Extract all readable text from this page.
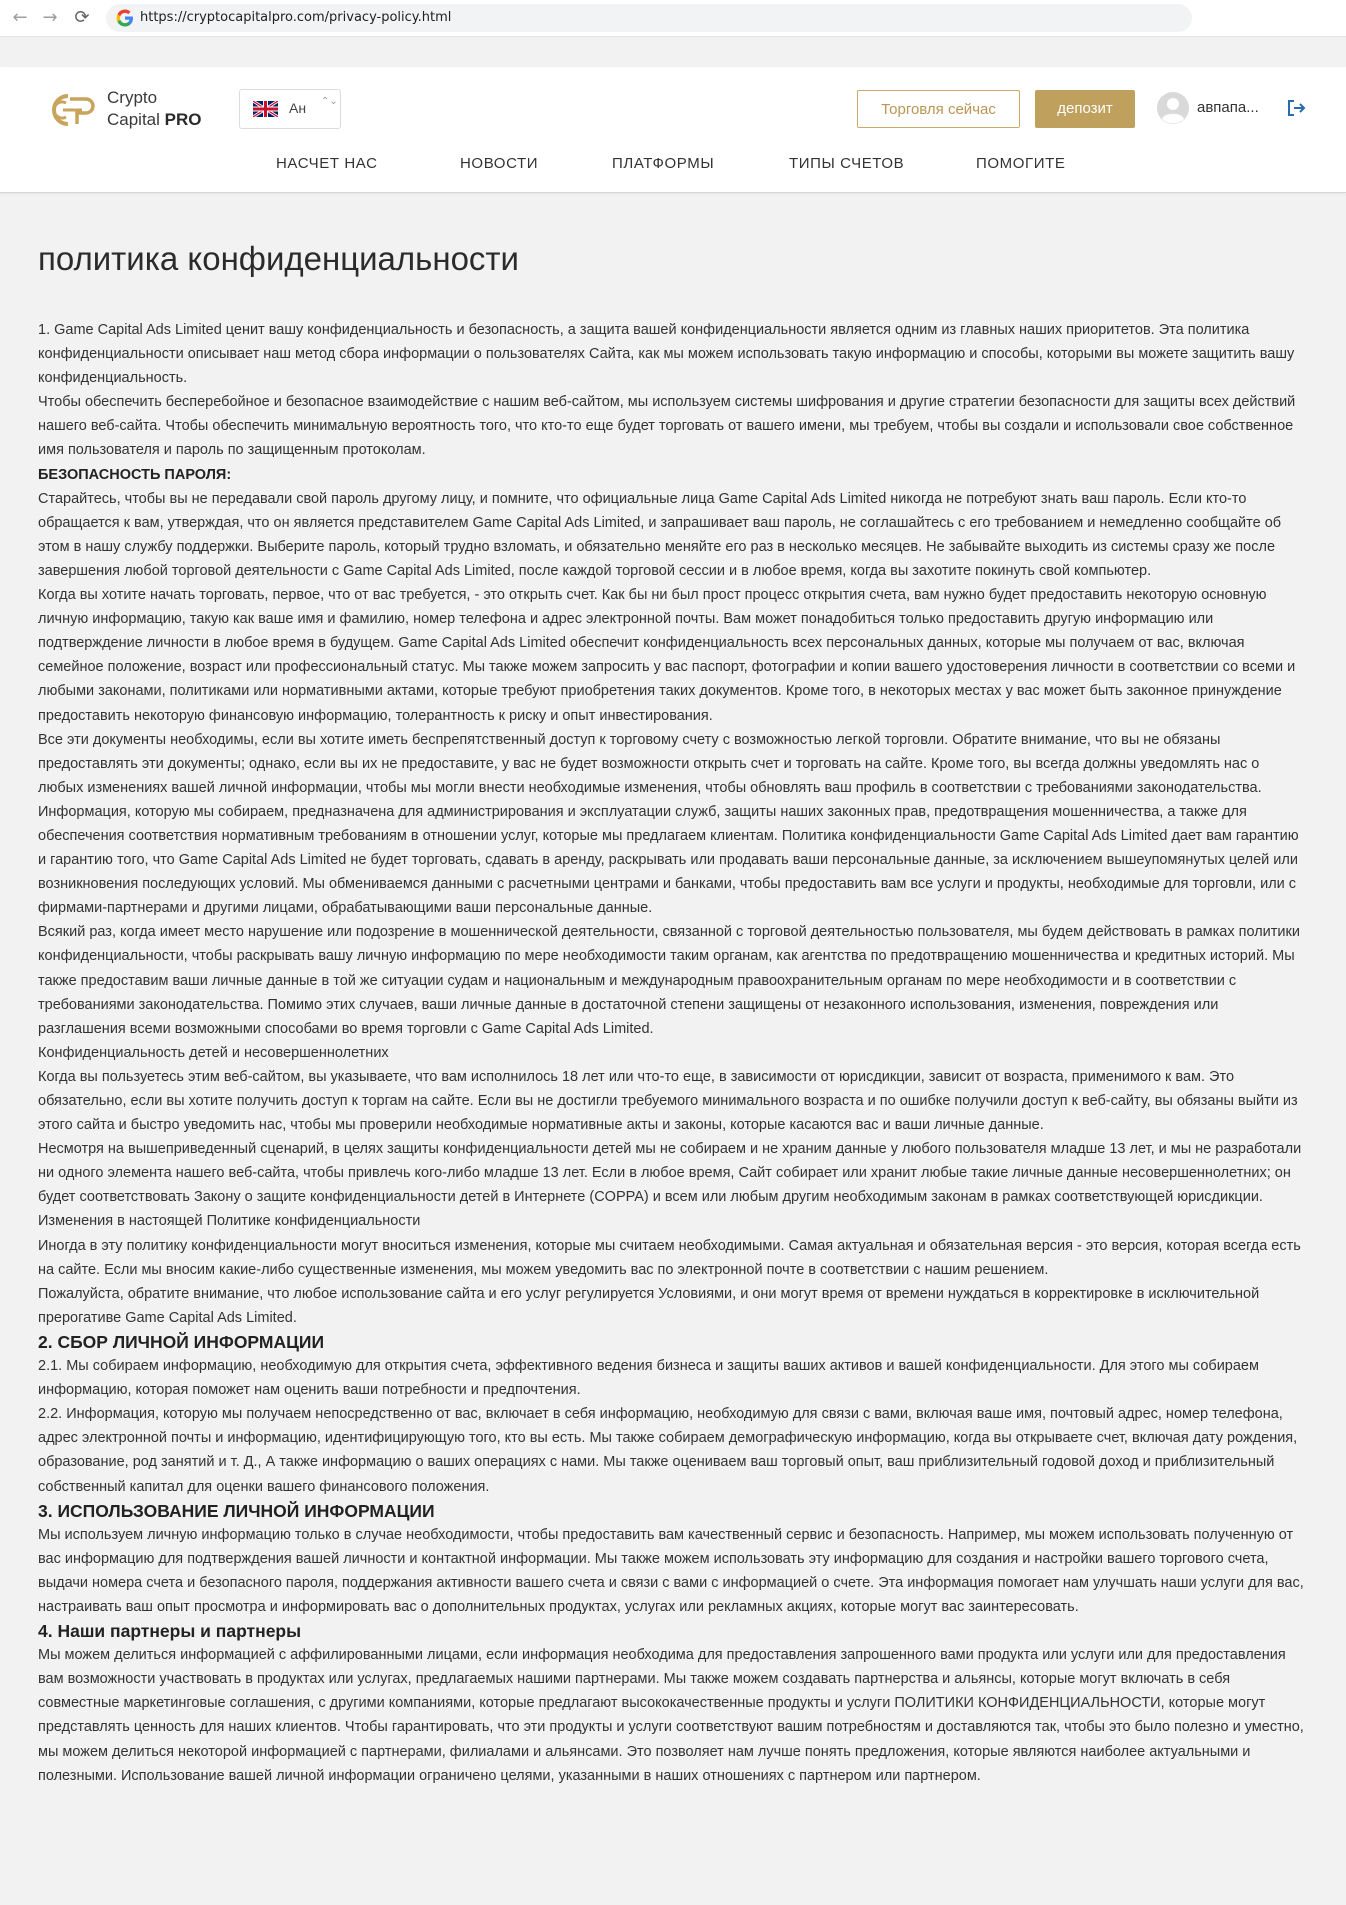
← → ⟳	https://cryptocapitalpro.com/privacy-policy.html
Crypto
Capital PRO
Ан ⌃⌄	Торговля сейчас	депозит	авпапа...
НАСЧЕТ НАС	НОВОСТИ	ПЛАТФОРМЫ	ТИПЫ СЧЕТОВ	ПОМОГИТЕ
политика конфиденциальности

1. Game Capital Ads Limited ценит вашу конфиденциальность и безопасность, а защита вашей конфиденциальности является одним из главных наших приоритетов. Эта политика конфиденциальности описывает наш метод сбора информации о пользователях Сайта, как мы можем использовать такую информацию и способы, которыми вы можете защитить вашу конфиденциальность.

Чтобы обеспечить бесперебойное и безопасное взаимодействие с нашим веб-сайтом, мы используем системы шифрования и другие стратегии безопасности для защиты всех действий нашего веб-сайта. Чтобы обеспечить минимальную вероятность того, что кто-то еще будет торговать от вашего имени, мы требуем, чтобы вы создали и использовали свое собственное имя пользователя и пароль по защищенным протоколам.

БЕЗОПАСНОСТЬ ПАРОЛЯ:

Старайтесь, чтобы вы не передавали свой пароль другому лицу, и помните, что официальные лица Game Capital Ads Limited никогда не потребуют знать ваш пароль. Если кто-то обращается к вам, утверждая, что он является представителем Game Capital Ads Limited, и запрашивает ваш пароль, не соглашайтесь с его требованием и немедленно сообщайте об этом в нашу службу поддержки. Выберите пароль, который трудно взломать, и обязательно меняйте его раз в несколько месяцев. Не забывайте выходить из системы сразу же после завершения любой торговой деятельности с Game Capital Ads Limited, после каждой торговой сессии и в любое время, когда вы захотите покинуть свой компьютер.

Когда вы хотите начать торговать, первое, что от вас требуется, - это открыть счет. Как бы ни был прост процесс открытия счета, вам нужно будет предоставить некоторую основную личную информацию, такую как ваше имя и фамилию, номер телефона и адрес электронной почты. Вам может понадобиться только предоставить другую информацию или подтверждение личности в любое время в будущем. Game Capital Ads Limited обеспечит конфиденциальность всех персональных данных, которые мы получаем от вас, включая семейное положение, возраст или профессиональный статус. Мы также можем запросить у вас паспорт, фотографии и копии вашего удостоверения личности в соответствии со всеми и любыми законами, политиками или нормативными актами, которые требуют приобретения таких документов. Кроме того, в некоторых местах у вас может быть законное принуждение предоставить некоторую финансовую информацию, толерантность к риску и опыт инвестирования.

Все эти документы необходимы, если вы хотите иметь беспрепятственный доступ к торговому счету с возможностью легкой торговли. Обратите внимание, что вы не обязаны предоставлять эти документы; однако, если вы их не предоставите, у вас не будет возможности открыть счет и торговать на сайте. Кроме того, вы всегда должны уведомлять нас о любых изменениях вашей личной информации, чтобы мы могли внести необходимые изменения, чтобы обновлять ваш профиль в соответствии с требованиями законодательства.

Информация, которую мы собираем, предназначена для администрирования и эксплуатации служб, защиты наших законных прав, предотвращения мошенничества, а также для обеспечения соответствия нормативным требованиям в отношении услуг, которые мы предлагаем клиентам. Политика конфиденциальности Game Capital Ads Limited дает вам гарантию и гарантию того, что Game Capital Ads Limited не будет торговать, сдавать в аренду, раскрывать или продавать ваши персональные данные, за исключением вышеупомянутых целей или возникновения последующих условий. Мы обмениваемся данными с расчетными центрами и банками, чтобы предоставить вам все услуги и продукты, необходимые для торговли, или с фирмами-партнерами и другими лицами, обрабатывающими ваши персональные данные.

Всякий раз, когда имеет место нарушение или подозрение в мошеннической деятельности, связанной с торговой деятельностью пользователя, мы будем действовать в рамках политики конфиденциальности, чтобы раскрывать вашу личную информацию по мере необходимости таким органам, как агентства по предотвращению мошенничества и кредитных историй. Мы также предоставим ваши личные данные в той же ситуации судам и национальным и международным правоохранительным органам по мере необходимости и в соответствии с требованиями законодательства. Помимо этих случаев, ваши личные данные в достаточной степени защищены от незаконного использования, изменения, повреждения или разглашения всеми возможными способами во время торговли с Game Capital Ads Limited.

Конфиденциальность детей и несовершеннолетних

Когда вы пользуетесь этим веб-сайтом, вы указываете, что вам исполнилось 18 лет или что-то еще, в зависимости от юрисдикции, зависит от возраста, применимого к вам. Это обязательно, если вы хотите получить доступ к торгам на сайте. Если вы не достигли требуемого минимального возраста и по ошибке получили доступ к веб-сайту, вы обязаны выйти из этого сайта и быстро уведомить нас, чтобы мы проверили необходимые нормативные акты и законы, которые касаются вас и ваши личные данные.

Несмотря на вышеприведенный сценарий, в целях защиты конфиденциальности детей мы не собираем и не храним данные у любого пользователя младше 13 лет, и мы не разработали ни одного элемента нашего веб-сайта, чтобы привлечь кого-либо младше 13 лет. Если в любое время, Сайт собирает или хранит любые такие личные данные несовершеннолетних; он будет соответствовать Закону о защите конфиденциальности детей в Интернете (COPPA) и всем или любым другим необходимым законам в рамках соответствующей юрисдикции.

Изменения в настоящей Политике конфиденциальности

Иногда в эту политику конфиденциальности могут вноситься изменения, которые мы считаем необходимыми. Самая актуальная и обязательная версия - это версия, которая всегда есть на сайте. Если мы вносим какие-либо существенные изменения, мы можем уведомить вас по электронной почте в соответствии с нашим решением.

Пожалуйста, обратите внимание, что любое использование сайта и его услуг регулируется Условиями, и они могут время от времени нуждаться в корректировке в исключительной прерогативе Game Capital Ads Limited.

2. СБОР ЛИЧНОЙ ИНФОРМАЦИИ

2.1. Мы собираем информацию, необходимую для открытия счета, эффективного ведения бизнеса и защиты ваших активов и вашей конфиденциальности. Для этого мы собираем информацию, которая поможет нам оценить ваши потребности и предпочтения.

2.2. Информация, которую мы получаем непосредственно от вас, включает в себя информацию, необходимую для связи с вами, включая ваше имя, почтовый адрес, номер телефона, адрес электронной почты и информацию, идентифицирующую того, кто вы есть. Мы также собираем демографическую информацию, когда вы открываете счет, включая дату рождения, образование, род занятий и т. Д., А также информацию о ваших операциях с нами. Мы также оцениваем ваш торговый опыт, ваш приблизительный годовой доход и приблизительный собственный капитал для оценки вашего финансового положения.

3. ИСПОЛЬЗОВАНИЕ ЛИЧНОЙ ИНФОРМАЦИИ

Мы используем личную информацию только в случае необходимости, чтобы предоставить вам качественный сервис и безопасность. Например, мы можем использовать полученную от вас информацию для подтверждения вашей личности и контактной информации. Мы также можем использовать эту информацию для создания и настройки вашего торгового счета, выдачи номера счета и безопасного пароля, поддержания активности вашего счета и связи с вами с информацией о счете. Эта информация помогает нам улучшать наши услуги для вас, настраивать ваш опыт просмотра и информировать вас о дополнительных продуктах, услугах или рекламных акциях, которые могут вас заинтересовать.

4. Наши партнеры и партнеры

Мы можем делиться информацией с аффилированными лицами, если информация необходима для предоставления запрошенного вами продукта или услуги или для предоставления вам возможности участвовать в продуктах или услугах, предлагаемых нашими партнерами. Мы также можем создавать партнерства и альянсы, которые могут включать в себя совместные маркетинговые соглашения, с другими компаниями, которые предлагают высококачественные продукты и услуги ПОЛИТИКИ КОНФИДЕНЦИАЛЬНОСТИ, которые могут представлять ценность для наших клиентов. Чтобы гарантировать, что эти продукты и услуги соответствуют вашим потребностям и доставляются так, чтобы это было полезно и уместно, мы можем делиться некоторой информацией с партнерами, филиалами и альянсами. Это позволяет нам лучше понять предложения, которые являются наиболее актуальными и полезными. Использование вашей личной информации ограничено целями, указанными в наших отношениях с партнером или партнером.
